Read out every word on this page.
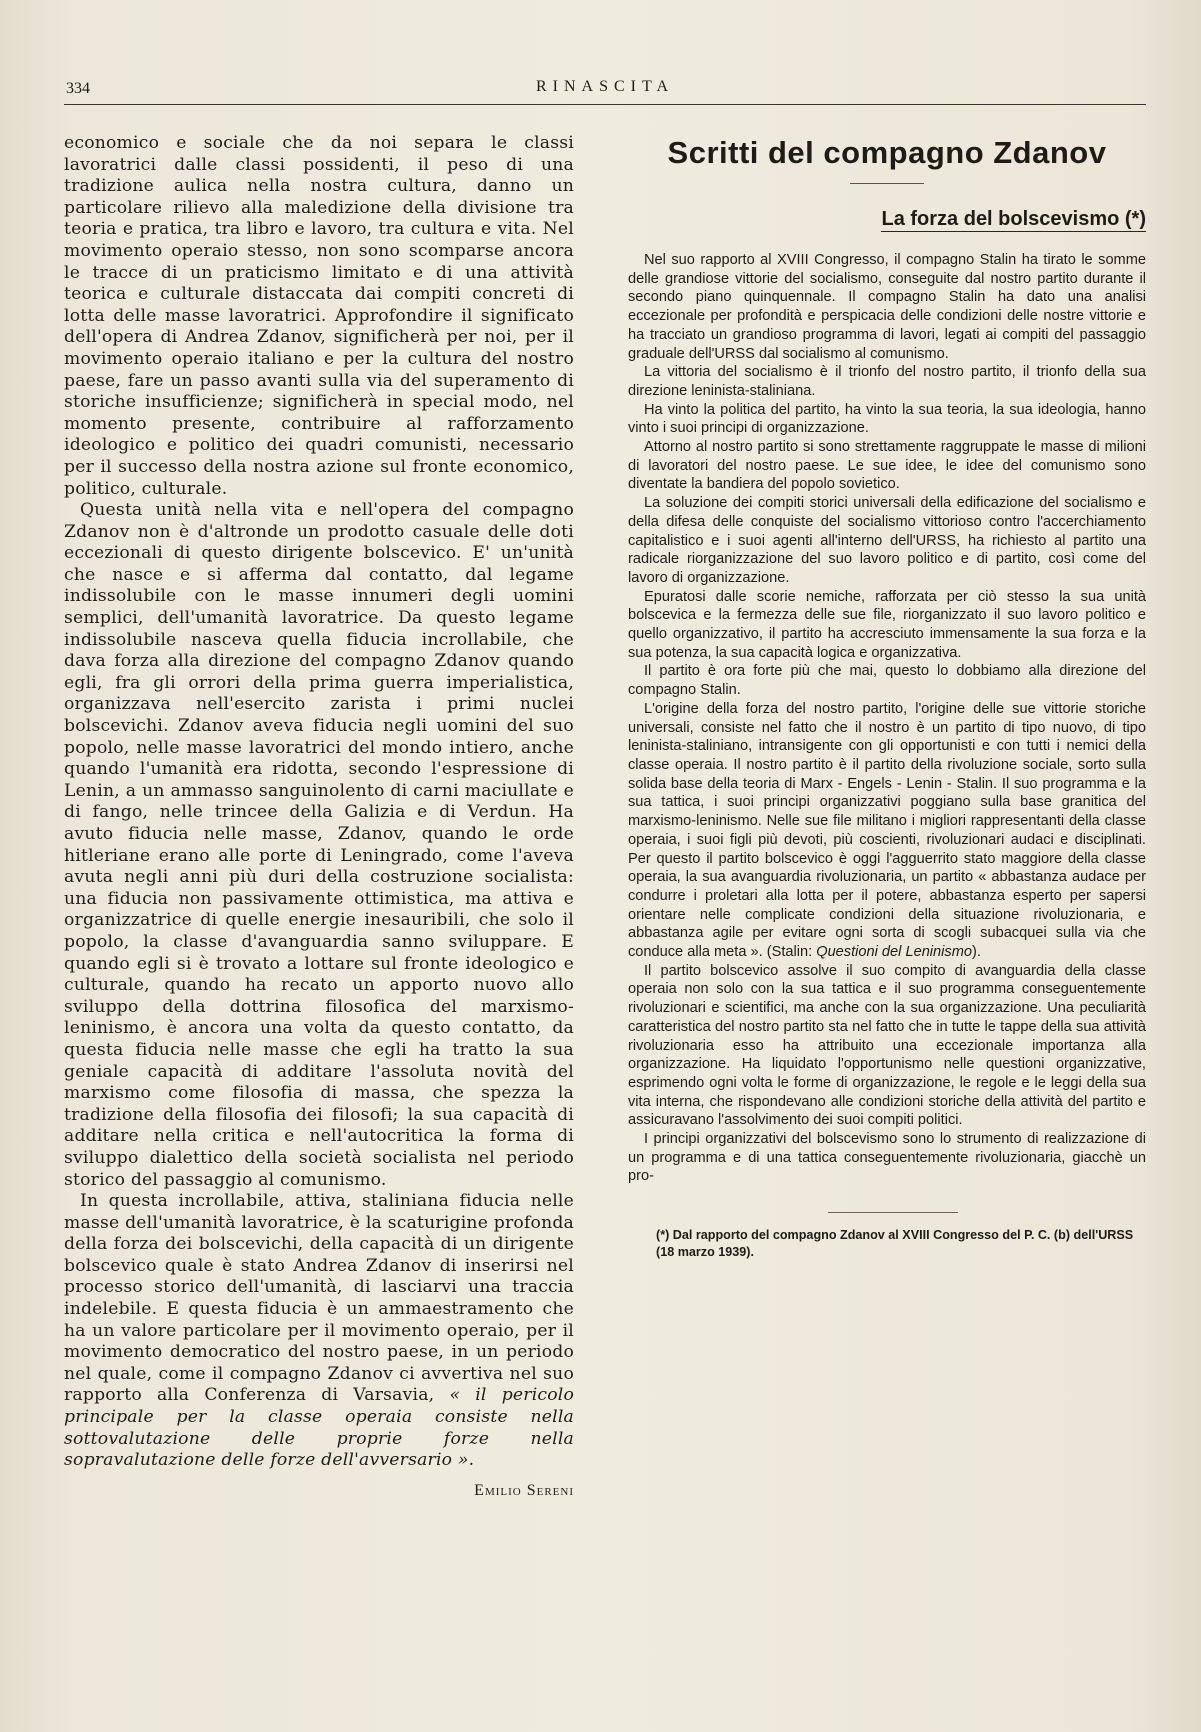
334	RINASCITA

economico e sociale che da noi separa le classi lavoratrici dalle classi possidenti, il peso di una tradizione aulica nella nostra cultura, danno un particolare rilievo alla maledizione della divisione tra teoria e pratica, tra libro e lavoro, tra cultura e vita. Nel movimento operaio stesso, non sono scomparse ancora le tracce di un praticismo limitato e di una attività teorica e culturale distaccata dai compiti concreti di lotta delle masse lavoratrici. Approfondire il significato dell'opera di Andrea Zdanov, significherà per noi, per il movimento operaio italiano e per la cultura del nostro paese, fare un passo avanti sulla via del superamento di storiche insufficienze; significherà in special modo, nel momento presente, contribuire al rafforzamento ideologico e politico dei quadri comunisti, necessario per il successo della nostra azione sul fronte economico, politico, culturale.

Questa unità nella vita e nell'opera del compagno Zdanov non è d'altronde un prodotto casuale delle doti eccezionali di questo dirigente bolscevico. E' un'unità che nasce e si afferma dal contatto, dal legame indissolubile con le masse innumeri degli uomini semplici, dell'umanità lavoratrice. Da questo legame indissolubile nasceva quella fiducia incrollabile, che dava forza alla direzione del compagno Zdanov quando egli, fra gli orrori della prima guerra imperialistica, organizzava nell'esercito zarista i primi nuclei bolscevichi. Zdanov aveva fiducia negli uomini del suo popolo, nelle masse lavoratrici del mondo intiero, anche quando l'umanità era ridotta, secondo l'espressione di Lenin, a un ammasso sanguinolento di carni maciullate e di fango, nelle trincee della Galizia e di Verdun. Ha avuto fiducia nelle masse, Zdanov, quando le orde hitleriane erano alle porte di Leningrado, come l'aveva avuta negli anni più duri della costruzione socialista: una fiducia non passivamente ottimistica, ma attiva e organizzatrice di quelle energie inesauribili, che solo il popolo, la classe d'avanguardia sanno sviluppare. E quando egli si è trovato a lottare sul fronte ideologico e culturale, quando ha recato un apporto nuovo allo sviluppo della dottrina filosofica del marxismo-leninismo, è ancora una volta da questo contatto, da questa fiducia nelle masse che egli ha tratto la sua geniale capacità di additare l'assoluta novità del marxismo come filosofia di massa, che spezza la tradizione della filosofia dei filosofi; la sua capacità di additare nella critica e nell'autocritica la forma di sviluppo dialettico della società socialista nel periodo storico del passaggio al comunismo.

In questa incrollabile, attiva, staliniana fiducia nelle masse dell'umanità lavoratrice, è la scaturigine profonda della forza dei bolscevichi, della capacità di un dirigente bolscevico quale è stato Andrea Zdanov di inserirsi nel processo storico dell'umanità, di lasciarvi una traccia indelebile. E questa fiducia è un ammaestramento che ha un valore particolare per il movimento operaio, per il movimento democratico del nostro paese, in un periodo nel quale, come il compagno Zdanov ci avvertiva nel suo rapporto alla Conferenza di Varsavia, « il pericolo principale per la classe operaia consiste nella sottovalutazione delle proprie forze nella sopravalutazione delle forze dell'avversario ».

Emilio Sereni
Scritti del compagno Zdanov
La forza del bolscevismo (*)

Nel suo rapporto al XVIII Congresso, il compagno Stalin ha tirato le somme delle grandiose vittorie del socialismo, conseguite dal nostro partito durante il secondo piano quinquennale. Il compagno Stalin ha dato una analisi eccezionale per profondità e perspicacia delle condizioni delle nostre vittorie e ha tracciato un grandioso programma di lavori, legati ai compiti del passaggio graduale dell'URSS dal socialismo al comunismo.

La vittoria del socialismo è il trionfo del nostro partito, il trionfo della sua direzione leninista-staliniana.

Ha vinto la politica del partito, ha vinto la sua teoria, la sua ideologia, hanno vinto i suoi principi di organizzazione.

Attorno al nostro partito si sono strettamente raggruppate le masse di milioni di lavoratori del nostro paese. Le sue idee, le idee del comunismo sono diventate la bandiera del popolo sovietico.

La soluzione dei compiti storici universali della edificazione del socialismo e della difesa delle conquiste del socialismo vittorioso contro l'accerchiamento capitalistico e i suoi agenti all'interno dell'URSS, ha richiesto al partito una radicale riorganizzazione del suo lavoro politico e di partito, così come del lavoro di organizzazione.

Epuratosi dalle scorie nemiche, rafforzata per ciò stesso la sua unità bolscevica e la fermezza delle sue file, riorganizzato il suo lavoro politico e quello organizzativo, il partito ha accresciuto immensamente la sua forza e la sua potenza, la sua capacità logica e organizzativa.

Il partito è ora forte più che mai, questo lo dobbiamo alla direzione del compagno Stalin.

L'origine della forza del nostro partito, l'origine delle sue vittorie storiche universali, consiste nel fatto che il nostro è un partito di tipo nuovo, di tipo leninista-staliniano, intransigente con gli opportunisti e con tutti i nemici della classe operaia. Il nostro partito è il partito della rivoluzione sociale, sorto sulla solida base della teoria di Marx - Engels - Lenin - Stalin. Il suo programma e la sua tattica, i suoi principi organizzativi poggiano sulla base granitica del marxismo-leninismo. Nelle sue file militano i migliori rappresentanti della classe operaia, i suoi figli più devoti, più coscienti, rivoluzionari audaci e disciplinati. Per questo il partito bolscevico è oggi l'agguerrito stato maggiore della classe operaia, la sua avanguardia rivoluzionaria, un partito « abbastanza audace per condurre i proletari alla lotta per il potere, abbastanza esperto per sapersi orientare nelle complicate condizioni della situazione rivoluzionaria, e abbastanza agile per evitare ogni sorta di scogli subacquei sulla via che conduce alla meta ». (Stalin: Questioni del Leninismo).

Il partito bolscevico assolve il suo compito di avanguardia della classe operaia non solo con la sua tattica e il suo programma conseguentemente rivoluzionari e scientifici, ma anche con la sua organizzazione. Una peculiarità caratteristica del nostro partito sta nel fatto che in tutte le tappe della sua attività rivoluzionaria esso ha attribuito una eccezionale importanza alla organizzazione. Ha liquidato l'opportunismo nelle questioni organizzative, esprimendo ogni volta le forme di organizzazione, le regole e le leggi della sua vita interna, che rispondevano alle condizioni storiche della attività del partito e assicuravano l'assolvimento dei suoi compiti politici.

I principi organizzativi del bolscevismo sono lo strumento di realizzazione di un programma e di una tattica conseguentemente rivoluzionaria, giacchè un pro-

(*) Dal rapporto del compagno Zdanov al XVIII Congresso del P. C. (b) dell'URSS (18 marzo 1939).
